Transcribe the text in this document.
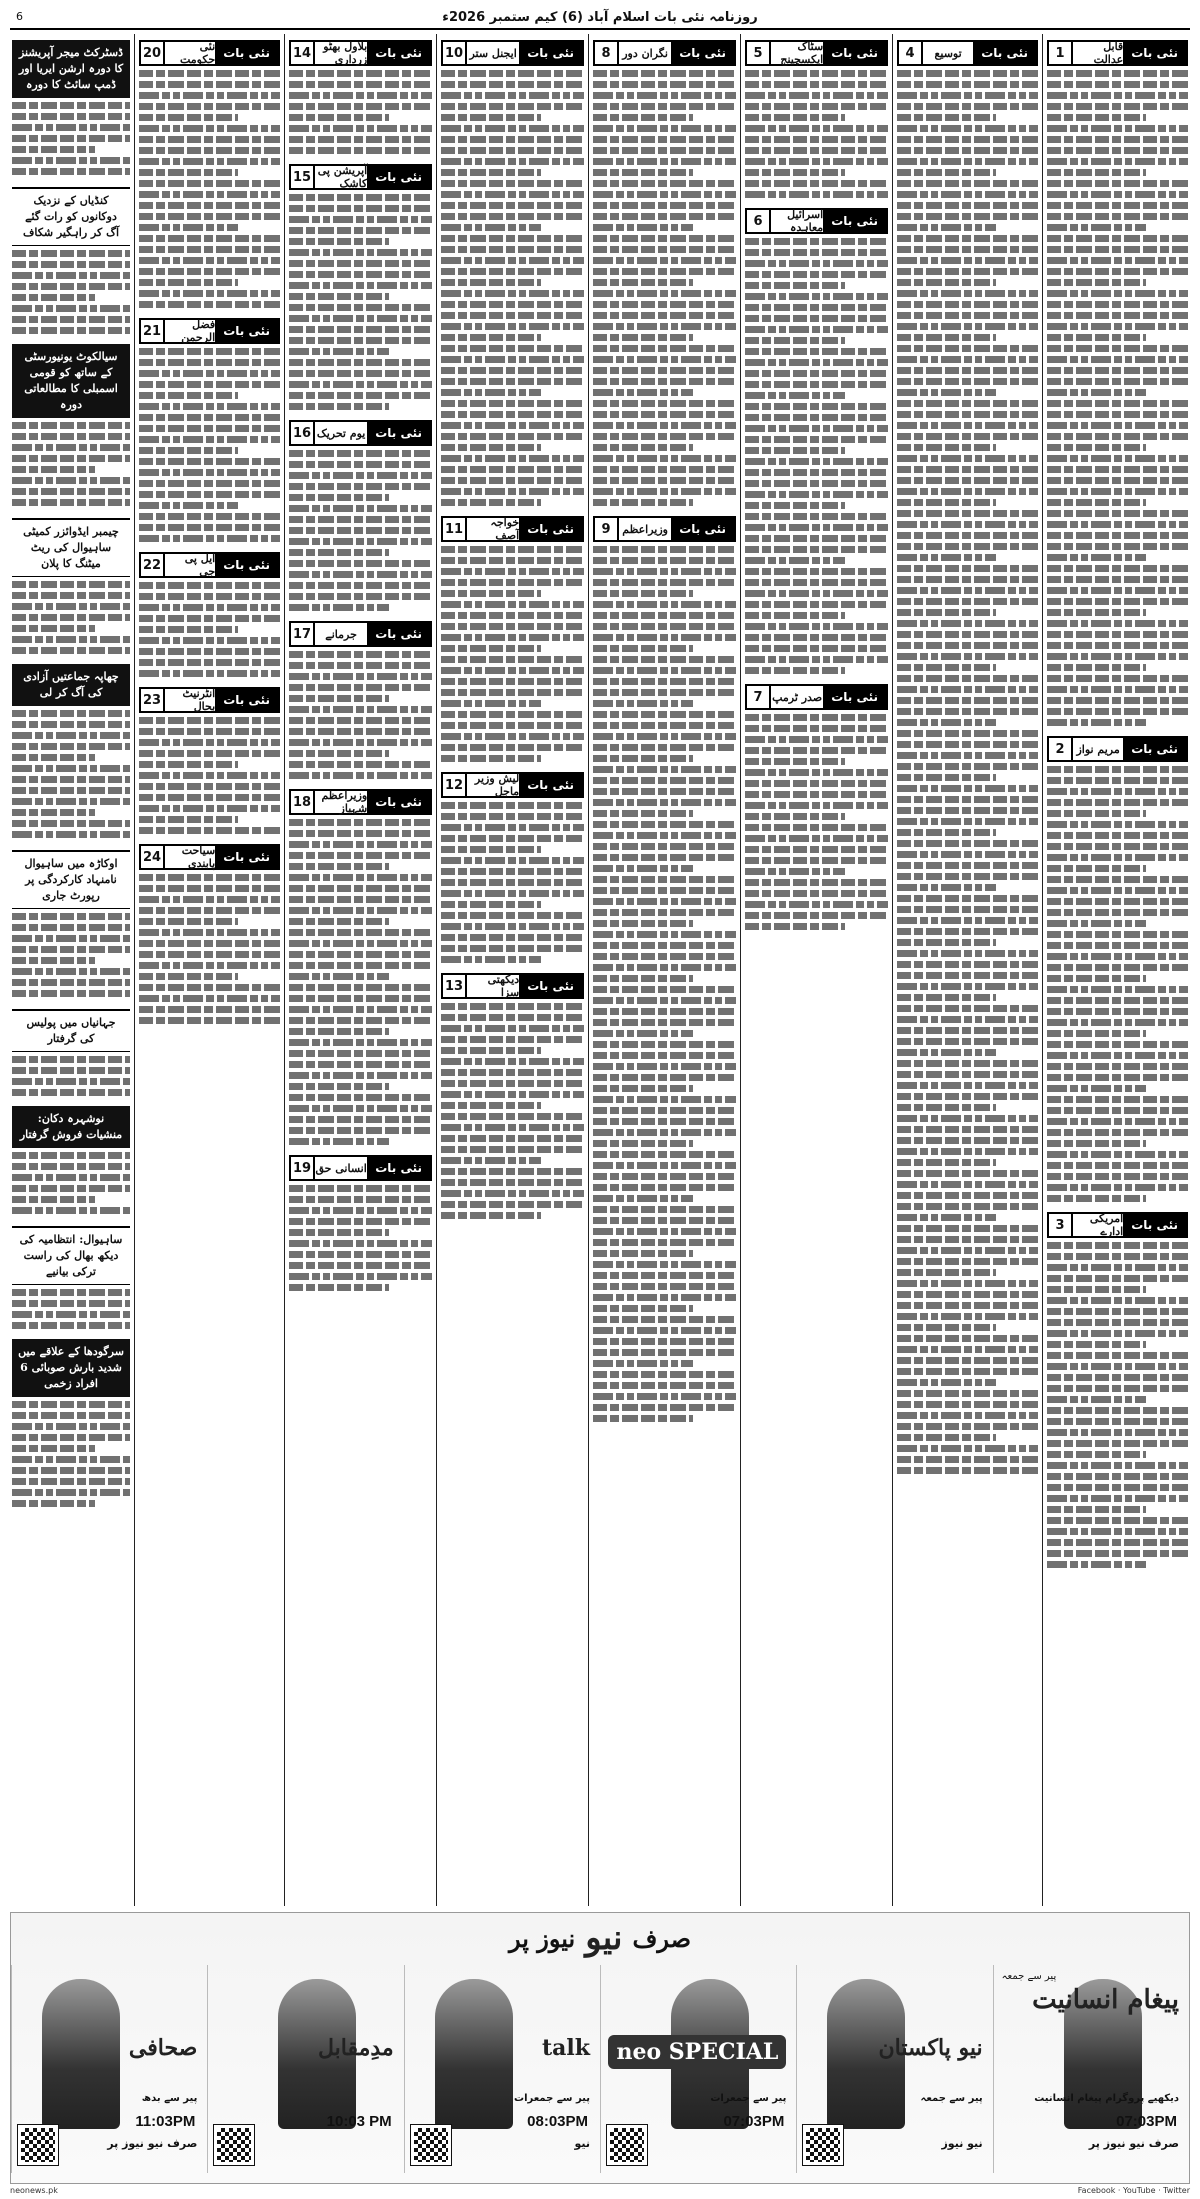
روزنامہ نئی بات اسلام آباد (6) کیم ستمبر 2026ء
6
نئی بات
قابل عدالت
1
نئی بات
مریم نواز
2
نئی بات
امریکی ادارے
3
نئی بات
توسیع
4
نئی بات
سٹاک ایکسچینج
5
نئی بات
اسرائیل معاہدہ
6
نئی بات
صدر ٹرمپ
7
نئی بات
نگران دور
8
نئی بات
وزیراعظم
9
نئی بات
ایجنل ستر
10
نئی بات
خواجہ آصف
11
نئی بات
لیش وزیر ماجل
12
نئی بات
دیکھتی سزا
13
نئی بات
بلاول بھٹو زرداری
14
نئی بات
آپریشن پی کاشک
15
نئی بات
یوم تحریک
16
نئی بات
جرمانے
17
نئی بات
وزیراعظم شہباز
18
نئی بات
انسانی حق
19
نئی بات
نئی حکومت
20
نئی بات
فضل الرحمن
21
نئی بات
ایل پی جی
22
نئی بات
انٹرنیٹ بحال
23
نئی بات
سیاحت پابندی
24
ڈسٹرکٹ میجر آپریشنز کا دورہ ارشن ایریا اور ڈمپ سائٹ کا دورہ
کنڈیاں کے نزدیک دوکانوں کو رات گئے آگ کر راہگیر شکاف
سیالکوٹ یونیورسٹی کے ساتھ کو قومی اسمبلی کا مطالعاتی دورہ
چیمبر ایڈوائزر کمیٹی ساہیوال کی ریٹ میٹنگ کا پلان
چھاپہ جماعتیں آزادی کی آگ کر لی
اوکاڑہ میں ساہیوال نامنہاد کارکردگی پر رپورٹ جاری
جہانیاں میں پولیس کی گرفتار
نوشہرہ دکان: منشیات فروش گرفتار
ساہیوال: انتظامیہ کی دیکھ بھال کی راست ترکی بیانیے
سرگودھا کے علاقے میں شدید بارش صوبائی 6 افراد زخمی
صرف
نیو
نیوز پر
پیغام انسانیت
دیکھیے پروگرام پیغام انسانیت
07:03PM
صرف نیو نیوز پر
پیر سے جمعہ
نیو پاکستان
پیر سے جمعہ
نیو نیوز
neo SPECIAL
پیر سے جمعرات
07:03PM
talk
پیر سے جمعرات
08:03PM
نیو
مدِمقابل
10:03 PM
صحافی
پیر سے بدھ
11:03PM
صرف نیو نیوز پر
neonews.pk	Facebook · YouTube · Twitter
